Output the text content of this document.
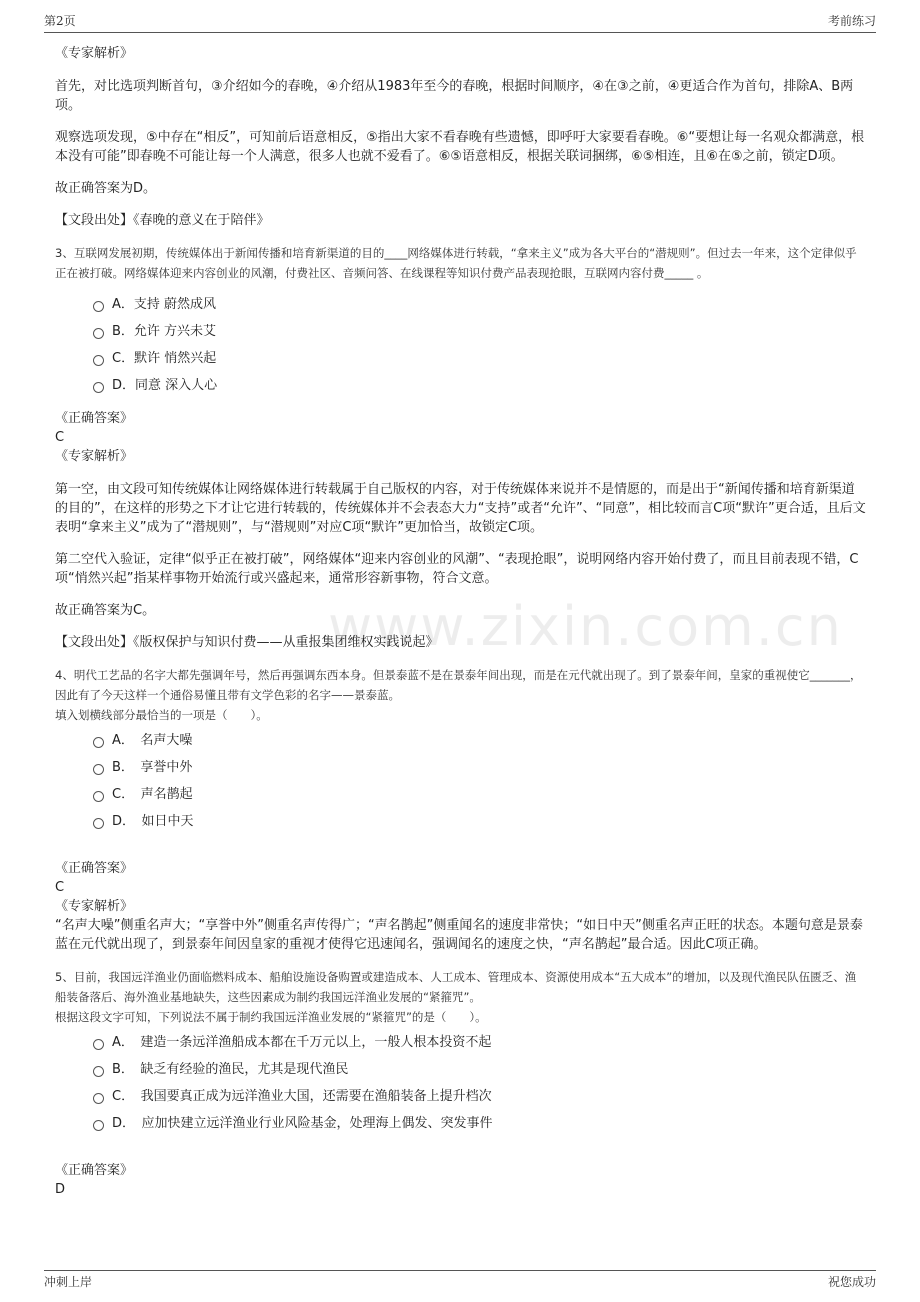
第2页	考前练习
www.zixin.com.cn

《专家解析》

首先，对比选项判断首句，③介绍如今的春晚，④介绍从1983年至今的春晚，根据时间顺序，④在③之前，④更适合作为首句，排除A、B两项。

观察选项发现，⑤中存在“相反”，可知前后语意相反，⑤指出大家不看春晚有些遗憾，即呼吁大家要看春晚。⑥“要想让每一名观众都满意，根本没有可能”即春晚不可能让每一个人满意，很多人也就不爱看了。⑥⑤语意相反，根据关联词捆绑，⑥⑤相连，且⑥在⑤之前，锁定D项。

故正确答案为D。

【文段出处】《春晚的意义在于陪伴》

3、互联网发展初期，传统媒体出于新闻传播和培育新渠道的目的____网络媒体进行转载，“拿来主义”成为各大平台的“潜规则”。但过去一年来，这个定律似乎正在被打破。网络媒体迎来内容创业的风潮，付费社区、音频问答、在线课程等知识付费产品表现抢眼，互联网内容付费_____ 。

A．支持 蔚然成风
B．允许 方兴未艾
C．默许 悄然兴起
D．同意 深入人心

《正确答案》

C

《专家解析》

第一空，由文段可知传统媒体让网络媒体进行转载属于自己版权的内容，对于传统媒体来说并不是情愿的，而是出于“新闻传播和培育新渠道的目的”，在这样的形势之下才让它进行转载的，传统媒体并不会表态大力“支持”或者“允许”、“同意”，相比较而言C项“默许”更合适，且后文表明“拿来主义”成为了“潜规则”，与“潜规则”对应C项“默许”更加恰当，故锁定C项。

第二空代入验证，定律“似乎正在被打破”，网络媒体“迎来内容创业的风潮”、“表现抢眼”，说明网络内容开始付费了，而且目前表现不错，C项“悄然兴起”指某样事物开始流行或兴盛起来，通常形容新事物，符合文意。

故正确答案为C。

【文段出处】《版权保护与知识付费——从重报集团维权实践说起》

4、明代工艺品的名字大都先强调年号，然后再强调东西本身。但景泰蓝不是在景泰年间出现，而是在元代就出现了。到了景泰年间，皇家的重视使它_______，因此有了今天这样一个通俗易懂且带有文学色彩的名字——景泰蓝。

填入划横线部分最恰当的一项是（　　）。

A．　名声大噪
B．　享誉中外
C．　声名鹊起
D．　如日中天

《正确答案》

C

《专家解析》

“名声大噪”侧重名声大；“享誉中外”侧重名声传得广；“声名鹊起”侧重闻名的速度非常快；“如日中天”侧重名声正旺的状态。本题句意是景泰蓝在元代就出现了，到景泰年间因皇家的重视才使得它迅速闻名，强调闻名的速度之快，“声名鹊起”最合适。因此C项正确。

5、目前，我国远洋渔业仍面临燃料成本、船舶设施设备购置或建造成本、人工成本、管理成本、资源使用成本“五大成本”的增加，以及现代渔民队伍匮乏、渔船装备落后、海外渔业基地缺失，这些因素成为制约我国远洋渔业发展的“紧箍咒”。

根据这段文字可知，下列说法不属于制约我国远洋渔业发展的“紧箍咒”的是（　　）。

A．　建造一条远洋渔船成本都在千万元以上，一般人根本投资不起
B．　缺乏有经验的渔民，尤其是现代渔民
C．　我国要真正成为远洋渔业大国，还需要在渔船装备上提升档次
D．　应加快建立远洋渔业行业风险基金，处理海上偶发、突发事件

《正确答案》

D

冲刺上岸	祝您成功
